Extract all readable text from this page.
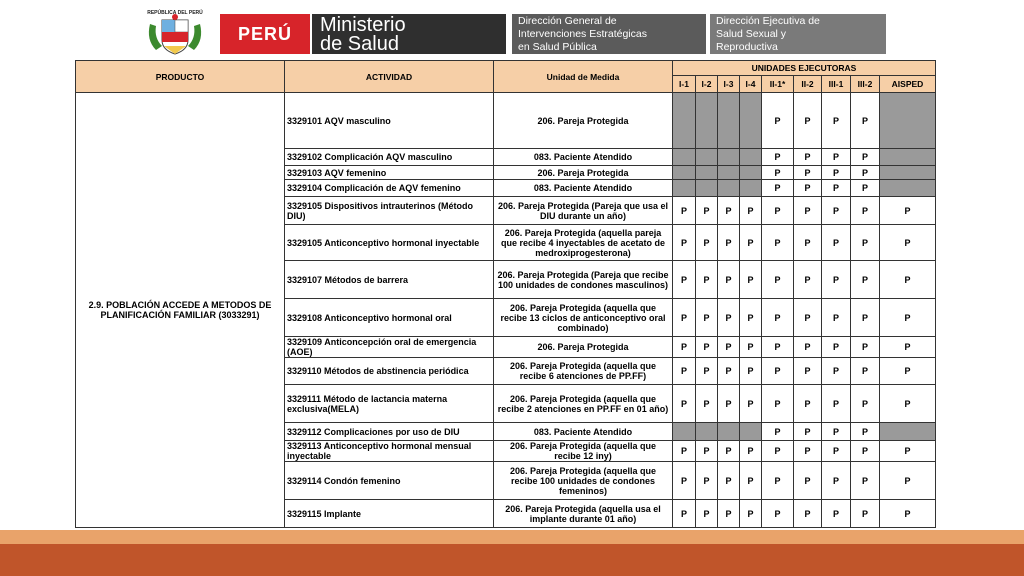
REPÚBLICA DEL PERÚ
PERÚ	Ministerio
de Salud
Dirección General de
Intervenciones Estratégicas
en Salud Pública
Dirección Ejecutiva de
Salud Sexual y
Reproductiva
PRODUCTO	ACTIVIDAD	Unidad de Medida	UNIDADES EJECUTORAS								
			I-1	I-2	I-3	I-4	II-1*	II-2	III-1	III-2	AISPED
2.9. POBLACIÓN ACCEDE A METODOS DE PLANIFICACIÓN FAMILIAR (3033291)	3329101 AQV masculino	206. Pareja Protegida					P	P	P	P	
	3329102 Complicación AQV masculino	083. Paciente Atendido					P	P	P	P	
	3329103 AQV femenino	206. Pareja Protegida					P	P	P	P	
	3329104 Complicación de AQV femenino	083. Paciente Atendido					P	P	P	P	
	3329105 Dispositivos intrauterinos (Método DIU)	206. Pareja Protegida (Pareja que usa el DIU durante un año)	P	P	P	P	P	P	P	P	P
	3329105 Anticonceptivo hormonal inyectable	206. Pareja Protegida (aquella pareja que recibe 4 inyectables de acetato de medroxiprogesterona)	P	P	P	P	P	P	P	P	P
	3329107 Métodos de barrera	206. Pareja Protegida (Pareja que recibe 100 unidades de condones masculinos)	P	P	P	P	P	P	P	P	P
	3329108 Anticonceptivo hormonal oral	206. Pareja Protegida (aquella que recibe 13 ciclos de anticonceptivo oral combinado)	P	P	P	P	P	P	P	P	P
	3329109 Anticoncepción oral de emergencia (AOE)	206. Pareja Protegida	P	P	P	P	P	P	P	P	P
	3329110 Métodos de abstinencia periódica	206. Pareja Protegida (aquella que recibe 6 atenciones de PP.FF)	P	P	P	P	P	P	P	P	P
	3329111 Método de lactancia materna exclusiva(MELA)	206. Pareja Protegida (aquella que recibe 2 atenciones en PP.FF en 01 año)	P	P	P	P	P	P	P	P	P
	3329112 Complicaciones por uso de DIU	083. Paciente Atendido					P	P	P	P	
	3329113 Anticonceptivo hormonal mensual inyectable	206. Pareja Protegida (aquella que recibe 12 iny)	P	P	P	P	P	P	P	P	P
	3329114 Condón femenino	206. Pareja Protegida (aquella que recibe 100 unidades de condones femeninos)	P	P	P	P	P	P	P	P	P
	3329115 Implante	206. Pareja Protegida (aquella usa el implante durante 01 año)	P	P	P	P	P	P	P	P	P
